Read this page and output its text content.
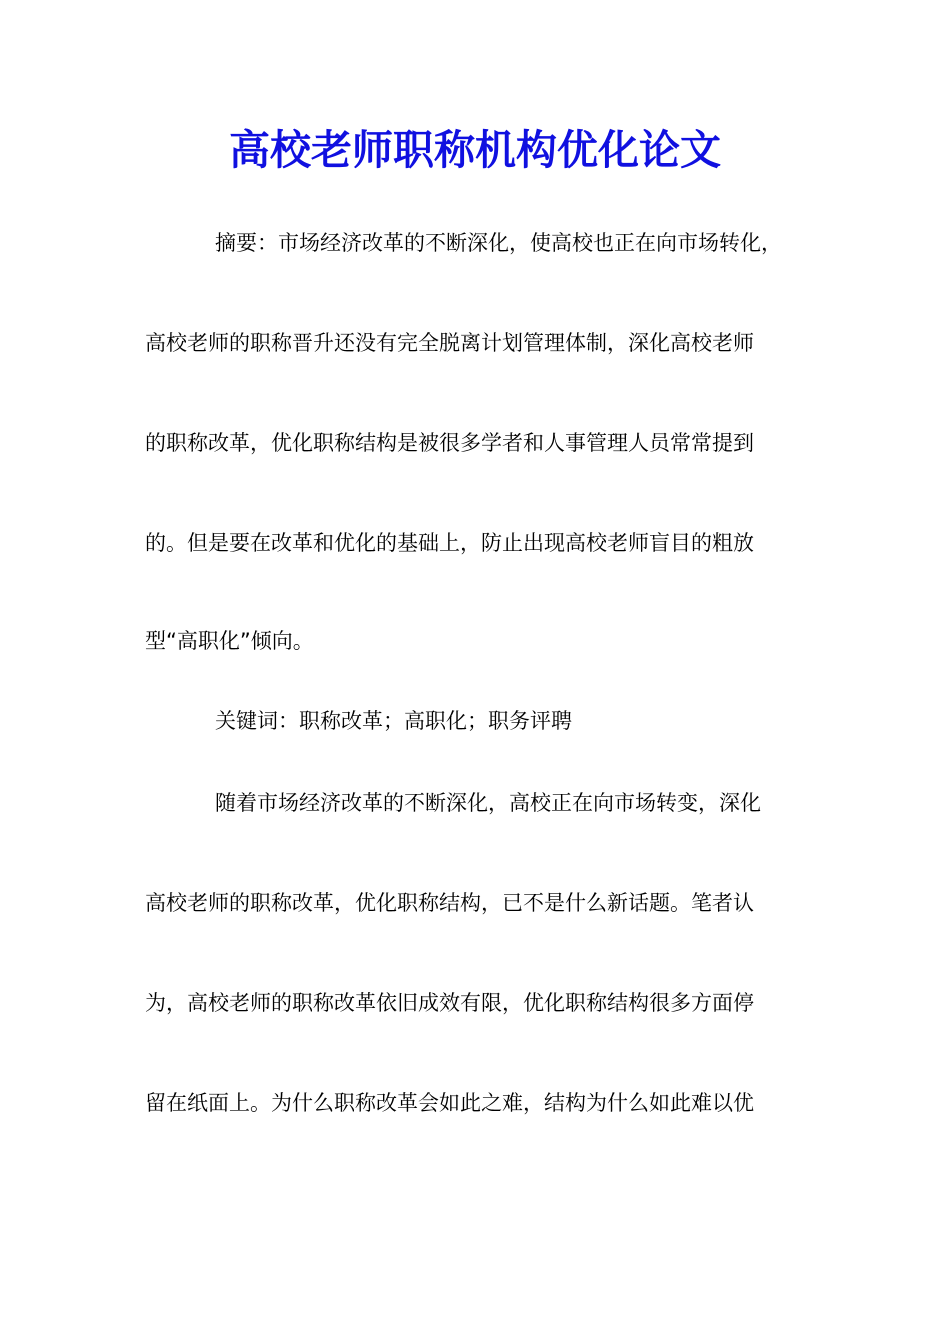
高校老师职称机构优化论文
摘要：市场经济改革的不断深化，使高校也正在向市场转化，
高校老师的职称晋升还没有完全脱离计划管理体制，深化高校老师
的职称改革，优化职称结构是被很多学者和人事管理人员常常提到
的。但是要在改革和优化的基础上，防止出现高校老师盲目的粗放
型“高职化”倾向。
关键词：职称改革；高职化；职务评聘
随着市场经济改革的不断深化，高校正在向市场转变，深化
高校老师的职称改革，优化职称结构，已不是什么新话题。笔者认
为，高校老师的职称改革依旧成效有限，优化职称结构很多方面停
留在纸面上。为什么职称改革会如此之难，结构为什么如此难以优
